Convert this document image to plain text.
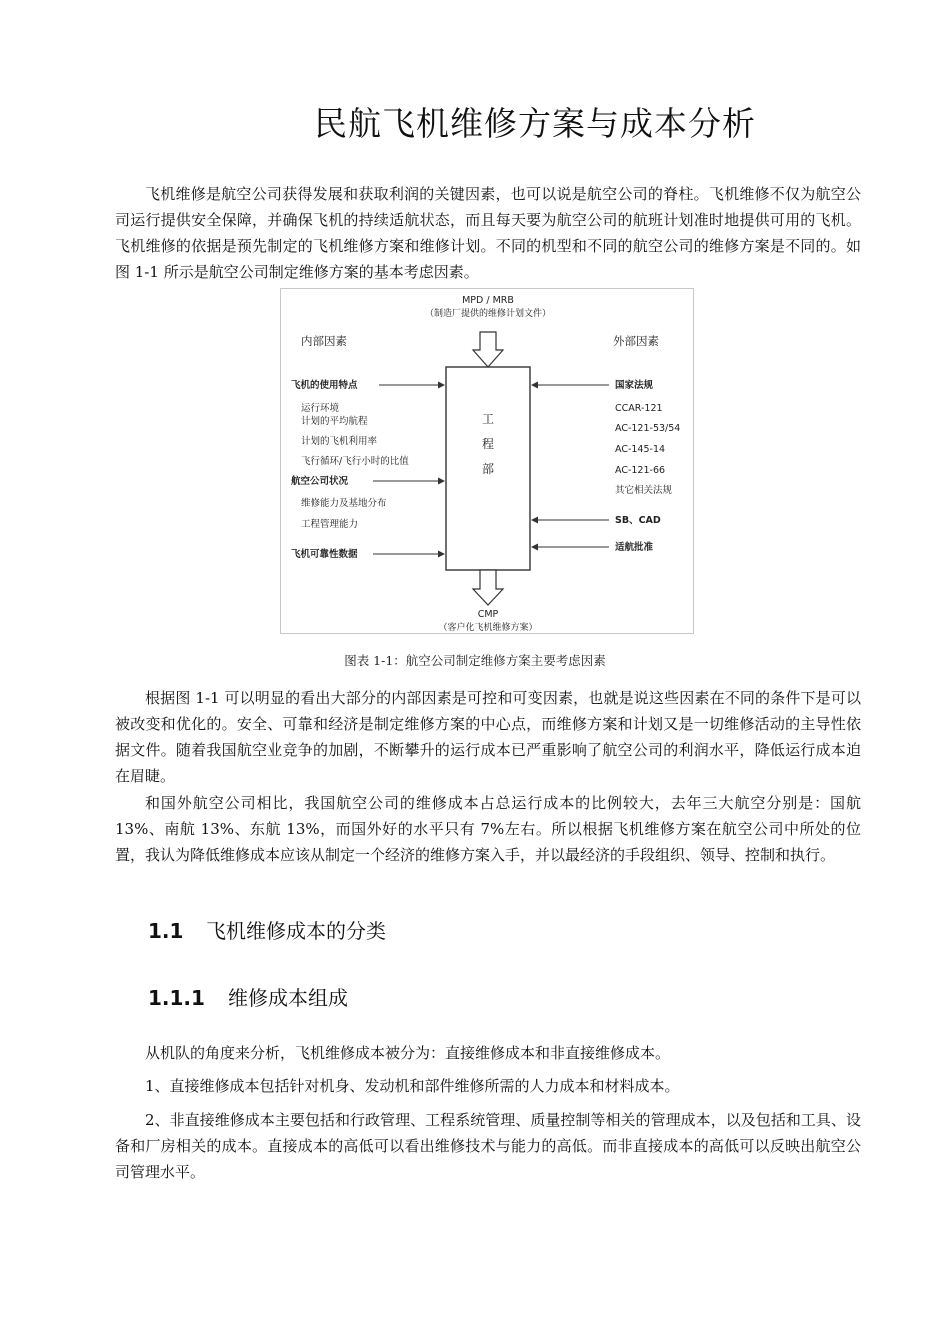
民航飞机维修方案与成本分析

飞机维修是航空公司获得发展和获取利润的关键因素，也可以说是航空公司的脊柱。飞机维修不仅为航空公司运行提供安全保障，并确保飞机的持续适航状态，而且每天要为航空公司的航班计划准时地提供可用的飞机。飞机维修的依据是预先制定的飞机维修方案和维修计划。不同的机型和不同的航空公司的维修方案是不同的。如图 1-1 所示是航空公司制定维修方案的基本考虑因素。

MPD / MRB
（制造厂提供的维修计划文件）
内部因素	外部因素
工
程
部
飞机的使用特点
运行环境
计划的平均航程
计划的飞机利用率
飞行循环/飞行小时的比值
航空公司状况
维修能力及基地分布
工程管理能力
飞机可靠性数据
国家法规
CCAR-121
AC-121-53/54
AC-145-14
AC-121-66
其它相关法规
SB、CAD
适航批准
CMP
（客户化飞机维修方案）
图表 1-1：航空公司制定维修方案主要考虑因素

根据图 1-1 可以明显的看出大部分的内部因素是可控和可变因素，也就是说这些因素在不同的条件下是可以被改变和优化的。安全、可靠和经济是制定维修方案的中心点，而维修方案和计划又是一切维修活动的主导性依据文件。随着我国航空业竞争的加剧，不断攀升的运行成本已严重影响了航空公司的利润水平，降低运行成本迫在眉睫。

和国外航空公司相比，我国航空公司的维修成本占总运行成本的比例较大，去年三大航空分别是：国航 13%、南航 13%、东航 13%，而国外好的水平只有 7%左右。所以根据飞机维修方案在航空公司中所处的位置，我认为降低维修成本应该从制定一个经济的维修方案入手，并以最经济的手段组织、领导、控制和执行。

1.1 飞机维修成本的分类
1.1.1 维修成本组成

从机队的角度来分析，飞机维修成本被分为：直接维修成本和非直接维修成本。

1、直接维修成本包括针对机身、发动机和部件维修所需的人力成本和材料成本。

2、非直接维修成本主要包括和行政管理、工程系统管理、质量控制等相关的管理成本，以及包括和工具、设备和厂房相关的成本。直接成本的高低可以看出维修技术与能力的高低。而非直接成本的高低可以反映出航空公司管理水平。
